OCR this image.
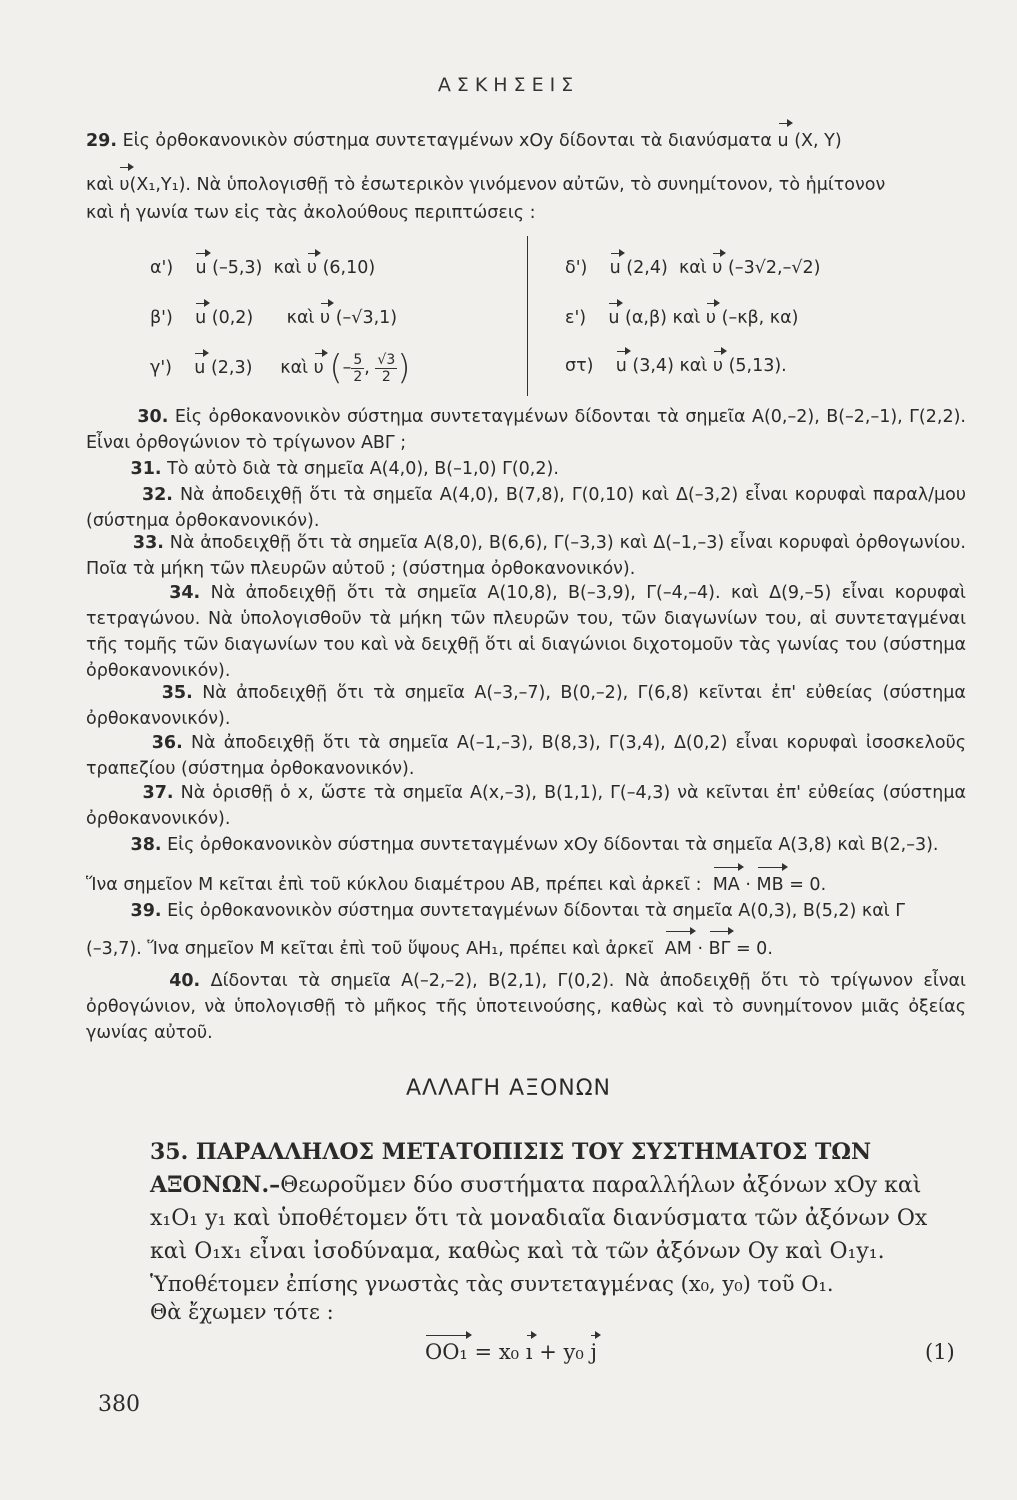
ΑΣΚΗΣΕΙΣ
29. Εἰς ὀρθοκανονικὸν σύστημα συντεταγμένων xOy δίδονται τὰ διανύσματα u (X, Y)
καὶ υ(X₁,Y₁). Νὰ ὑπολογισθῇ τὸ ἐσωτερικὸν γινόμενον αὐτῶν, τὸ συνημίτονον, τὸ ἡμίτονον
καὶ ἡ γωνία των εἰς τὰς ἀκολούθους περιπτώσεις :
α') u (–5,3) καὶ υ (6,10)
β') u (0,2) καὶ υ (–√3,1)
γ') u (2,3) καὶ υ (– $\frac{5}{2}$ , $\frac{√3}{2}$ )
δ') u (2,4) καὶ υ (–3√2,–√2)
ε') u (α,β) καὶ υ (–κβ, κα)
στ) u (3,4) καὶ υ (5,13).
30. Εἰς ὀρθοκανονικὸν σύστημα συντεταγμένων δίδονται τὰ σημεῖα A(0,–2), B(–2,–1), Γ(2,2). Εἶναι ὀρθογώνιον τὸ τρίγωνον ΑΒΓ ;
31. Τὸ αὐτὸ διὰ τὰ σημεῖα A(4,0), B(–1,0) Γ(0,2).
32. Νὰ ἀποδειχθῇ ὅτι τὰ σημεῖα A(4,0), B(7,8), Γ(0,10) καὶ Δ(–3,2) εἶναι κορυφαὶ παραλ/μου (σύστημα ὀρθοκανονικόν).
33. Νὰ ἀποδειχθῇ ὅτι τὰ σημεῖα A(8,0), B(6,6), Γ(–3,3) καὶ Δ(–1,–3) εἶναι κορυφαὶ ὀρθογωνίου. Ποῖα τὰ μήκη τῶν πλευρῶν αὐτοῦ ; (σύστημα ὀρθοκανονικόν).
34. Νὰ ἀποδειχθῇ ὅτι τὰ σημεῖα A(10,8), B(–3,9), Γ(–4,–4). καὶ Δ(9,–5) εἶναι κορυφαὶ τετραγώνου. Νὰ ὑπολογισθοῦν τὰ μήκη τῶν πλευρῶν του, τῶν διαγωνίων του, αἱ συντεταγμέναι τῆς τομῆς τῶν διαγωνίων του καὶ νὰ δειχθῇ ὅτι αἱ διαγώνιοι διχοτομοῦν τὰς γωνίας του (σύστημα ὀρθοκανονικόν).
35. Νὰ ἀποδειχθῇ ὅτι τὰ σημεῖα A(–3,–7), B(0,–2), Γ(6,8) κεῖνται ἐπ' εὐθείας (σύστημα ὀρθοκανονικόν).
36. Νὰ ἀποδειχθῇ ὅτι τὰ σημεῖα A(–1,–3), B(8,3), Γ(3,4), Δ(0,2) εἶναι κορυφαὶ ἰσοσκελοῦς τραπεζίου (σύστημα ὀρθοκανονικόν).
37. Νὰ ὁρισθῇ ὁ x, ὥστε τὰ σημεῖα A(x,–3), B(1,1), Γ(–4,3) νὰ κεῖνται ἐπ' εὐθείας (σύστημα ὀρθοκανονικόν).
38. Εἰς ὀρθοκανονικὸν σύστημα συντεταγμένων xOy δίδονται τὰ σημεῖα A(3,8) καὶ B(2,–3).
Ἵνα σημεῖον Μ κεῖται ἐπὶ τοῦ κύκλου διαμέτρου AB, πρέπει καὶ ἀρκεῖ : MA · MB = 0.
39. Εἰς ὀρθοκανονικὸν σύστημα συντεταγμένων δίδονται τὰ σημεῖα A(0,3), B(5,2) καὶ Γ
(–3,7). Ἵνα σημεῖον Μ κεῖται ἐπὶ τοῦ ὕψους ΑΗ₁, πρέπει καὶ ἀρκεῖ AM · BΓ = 0.
40. Δίδονται τὰ σημεῖα A(–2,–2), B(2,1), Γ(0,2). Νὰ ἀποδειχθῇ ὅτι τὸ τρίγωνον εἶναι ὀρθογώνιον, νὰ ὑπολογισθῇ τὸ μῆκος τῆς ὑποτεινούσης, καθὼς καὶ τὸ συνημίτονον μιᾶς ὀξείας γωνίας αὐτοῦ.
ΑΛΛΑΓΗ ΑΞΟΝΩΝ
35. ΠΑΡΑΛΛΗΛΟΣ ΜΕΤΑΤΟΠΙΣΙΣ ΤΟΥ ΣΥΣΤΗΜΑΤΟΣ ΤΩΝ ΑΞΟΝΩΝ.–Θεωροῦμεν δύο συστήματα παραλλήλων ἀξόνων xOy καὶ x₁O₁ y₁ καὶ ὑποθέτομεν ὅτι τὰ μοναδιαῖα διανύσματα τῶν ἀξόνων Ox καὶ O₁x₁ εἶναι ἰσοδύναμα, καθὼς καὶ τὰ τῶν ἀξόνων Oy καὶ O₁y₁.
Ὑποθέτομεν ἐπίσης γνωστὰς τὰς συντεταγμένας (x₀, y₀) τοῦ O₁.
Θὰ ἔχωμεν τότε :
OO₁ = x₀ ı + y₀ j	(1)
380
